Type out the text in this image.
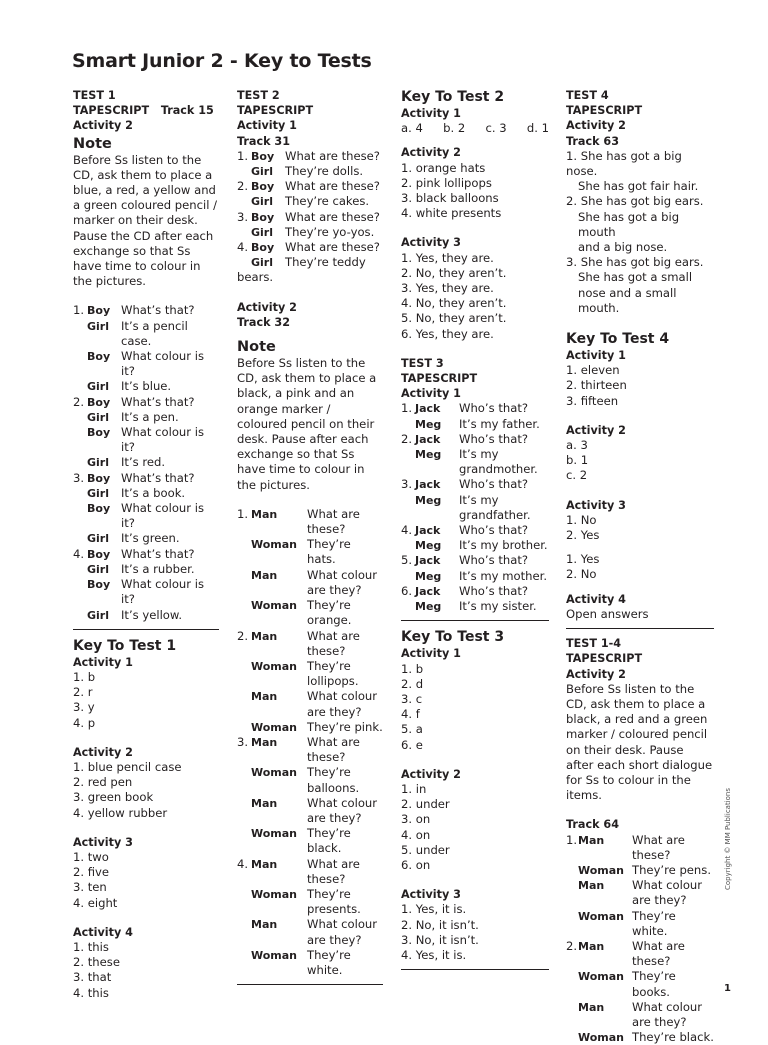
Smart Junior 2 - Key to Tests
TEST 1
TAPESCRIPT   Track 15
Activity 2
Note

Before Ss listen to the CD, ask them to place a blue, a red, a yellow and a green coloured pencil / marker on their desk. Pause the CD after each exchange so that Ss have time to colour in the pictures.

1. Boy What’s that?
Girl	It’s a pencil case.
Boy What colour is it?
Girl	It’s blue.
2. Boy What’s that?
Girl	It’s a pen.
Boy What colour is it?
Girl	It’s red.
3. Boy What’s that?
Girl	It’s a book.
Boy What colour is it?
Girl	It’s green.
4. Boy What’s that?
Girl	It’s a rubber.
Boy What colour is it?
Girl	It’s yellow.
Key To Test 1
Activity 1
1. b
2. r
3. y
4. p
Activity 2
1. blue pencil case
2. red pen
3. green book
4. yellow rubber
Activity 3
1. two
2. five
3. ten
4. eight
Activity 4
1. this
2. these
3. that
4. this
TEST 2
TAPESCRIPT
Activity 1
Track 31
1. Boy What are these?
Girl	They’re dolls.
2. Boy What are these?
Girl	They’re cakes.
3. Boy What are these?
Girl	They’re yo-yos.
4. Boy What are these?
Girl	They’re teddy
bears.
Activity 2
Track 32
Note

Before Ss listen to the CD, ask them to place a black, a pink and an orange marker / coloured pencil on their desk. Pause after each exchange so that Ss have time to colour in the pictures.

1. Man	What are these?
Woman They’re hats.
Man	What colour are they?
Woman They’re orange.
2. Man	What are these?
Woman They’re lollipops.
Man	What colour are they?
Woman They’re pink.
3. Man	What are these?
Woman They’re balloons.
Man	What colour are they?
Woman They’re black.
4. Man	What are these?
Woman They’re presents.
Man	What colour are they?
Woman They’re white.
Key To Test 2
Activity 1
a. 4 b. 2 c. 3 d. 1
Activity 2
1. orange hats
2. pink lollipops
3. black balloons
4. white presents
Activity 3
1. Yes, they are.
2. No, they aren’t.
3. Yes, they are.
4. No, they aren’t.
5. No, they aren’t.
6. Yes, they are.
TEST 3
TAPESCRIPT
Activity 1
1. Jack	Who’s that?
Meg	It’s my father.
2. Jack	Who’s that?
Meg	It’s my grandmother.
3. Jack	Who’s that?
Meg	It’s my grandfather.
4. Jack	Who’s that?
Meg	It’s my brother.
5. Jack	Who’s that?
Meg	It’s my mother.
6. Jack	Who’s that?
Meg	It’s my sister.
Key To Test 3
Activity 1
1. b
2. d
3. c
4. f
5. a
6. e
Activity 2
1. in
2. under
3. on
4. on
5. under
6. on
Activity 3
1. Yes, it is.
2. No, it isn’t.
3. No, it isn’t.
4. Yes, it is.
TEST 4
TAPESCRIPT
Activity 2
Track 63
1. She has got a big nose.
She has got fair hair.
2. She has got big ears.
She has got a big mouth
and a big nose.
3. She has got big ears.
She has got a small
nose and a small
mouth.
Key To Test 4
Activity 1
1. eleven
2. thirteen
3. fifteen
Activity 2
a. 3
b. 1
c. 2
Activity 3
1. No
2. Yes
1. Yes
2. No
Activity 4
Open answers
TEST 1-4
TAPESCRIPT
Activity 2

Before Ss listen to the CD, ask them to place a black, a red and a green marker / coloured pencil on their desk. Pause after each short dialogue for Ss to colour in the items.

Track 64
1. Man	What are these?
Woman They’re pens.
Man	What colour are they?
Woman They’re white.
2. Man	What are these?
Woman They’re books.
Man	What colour are they?
Woman They’re black.
Copyright © MM Publications
1
